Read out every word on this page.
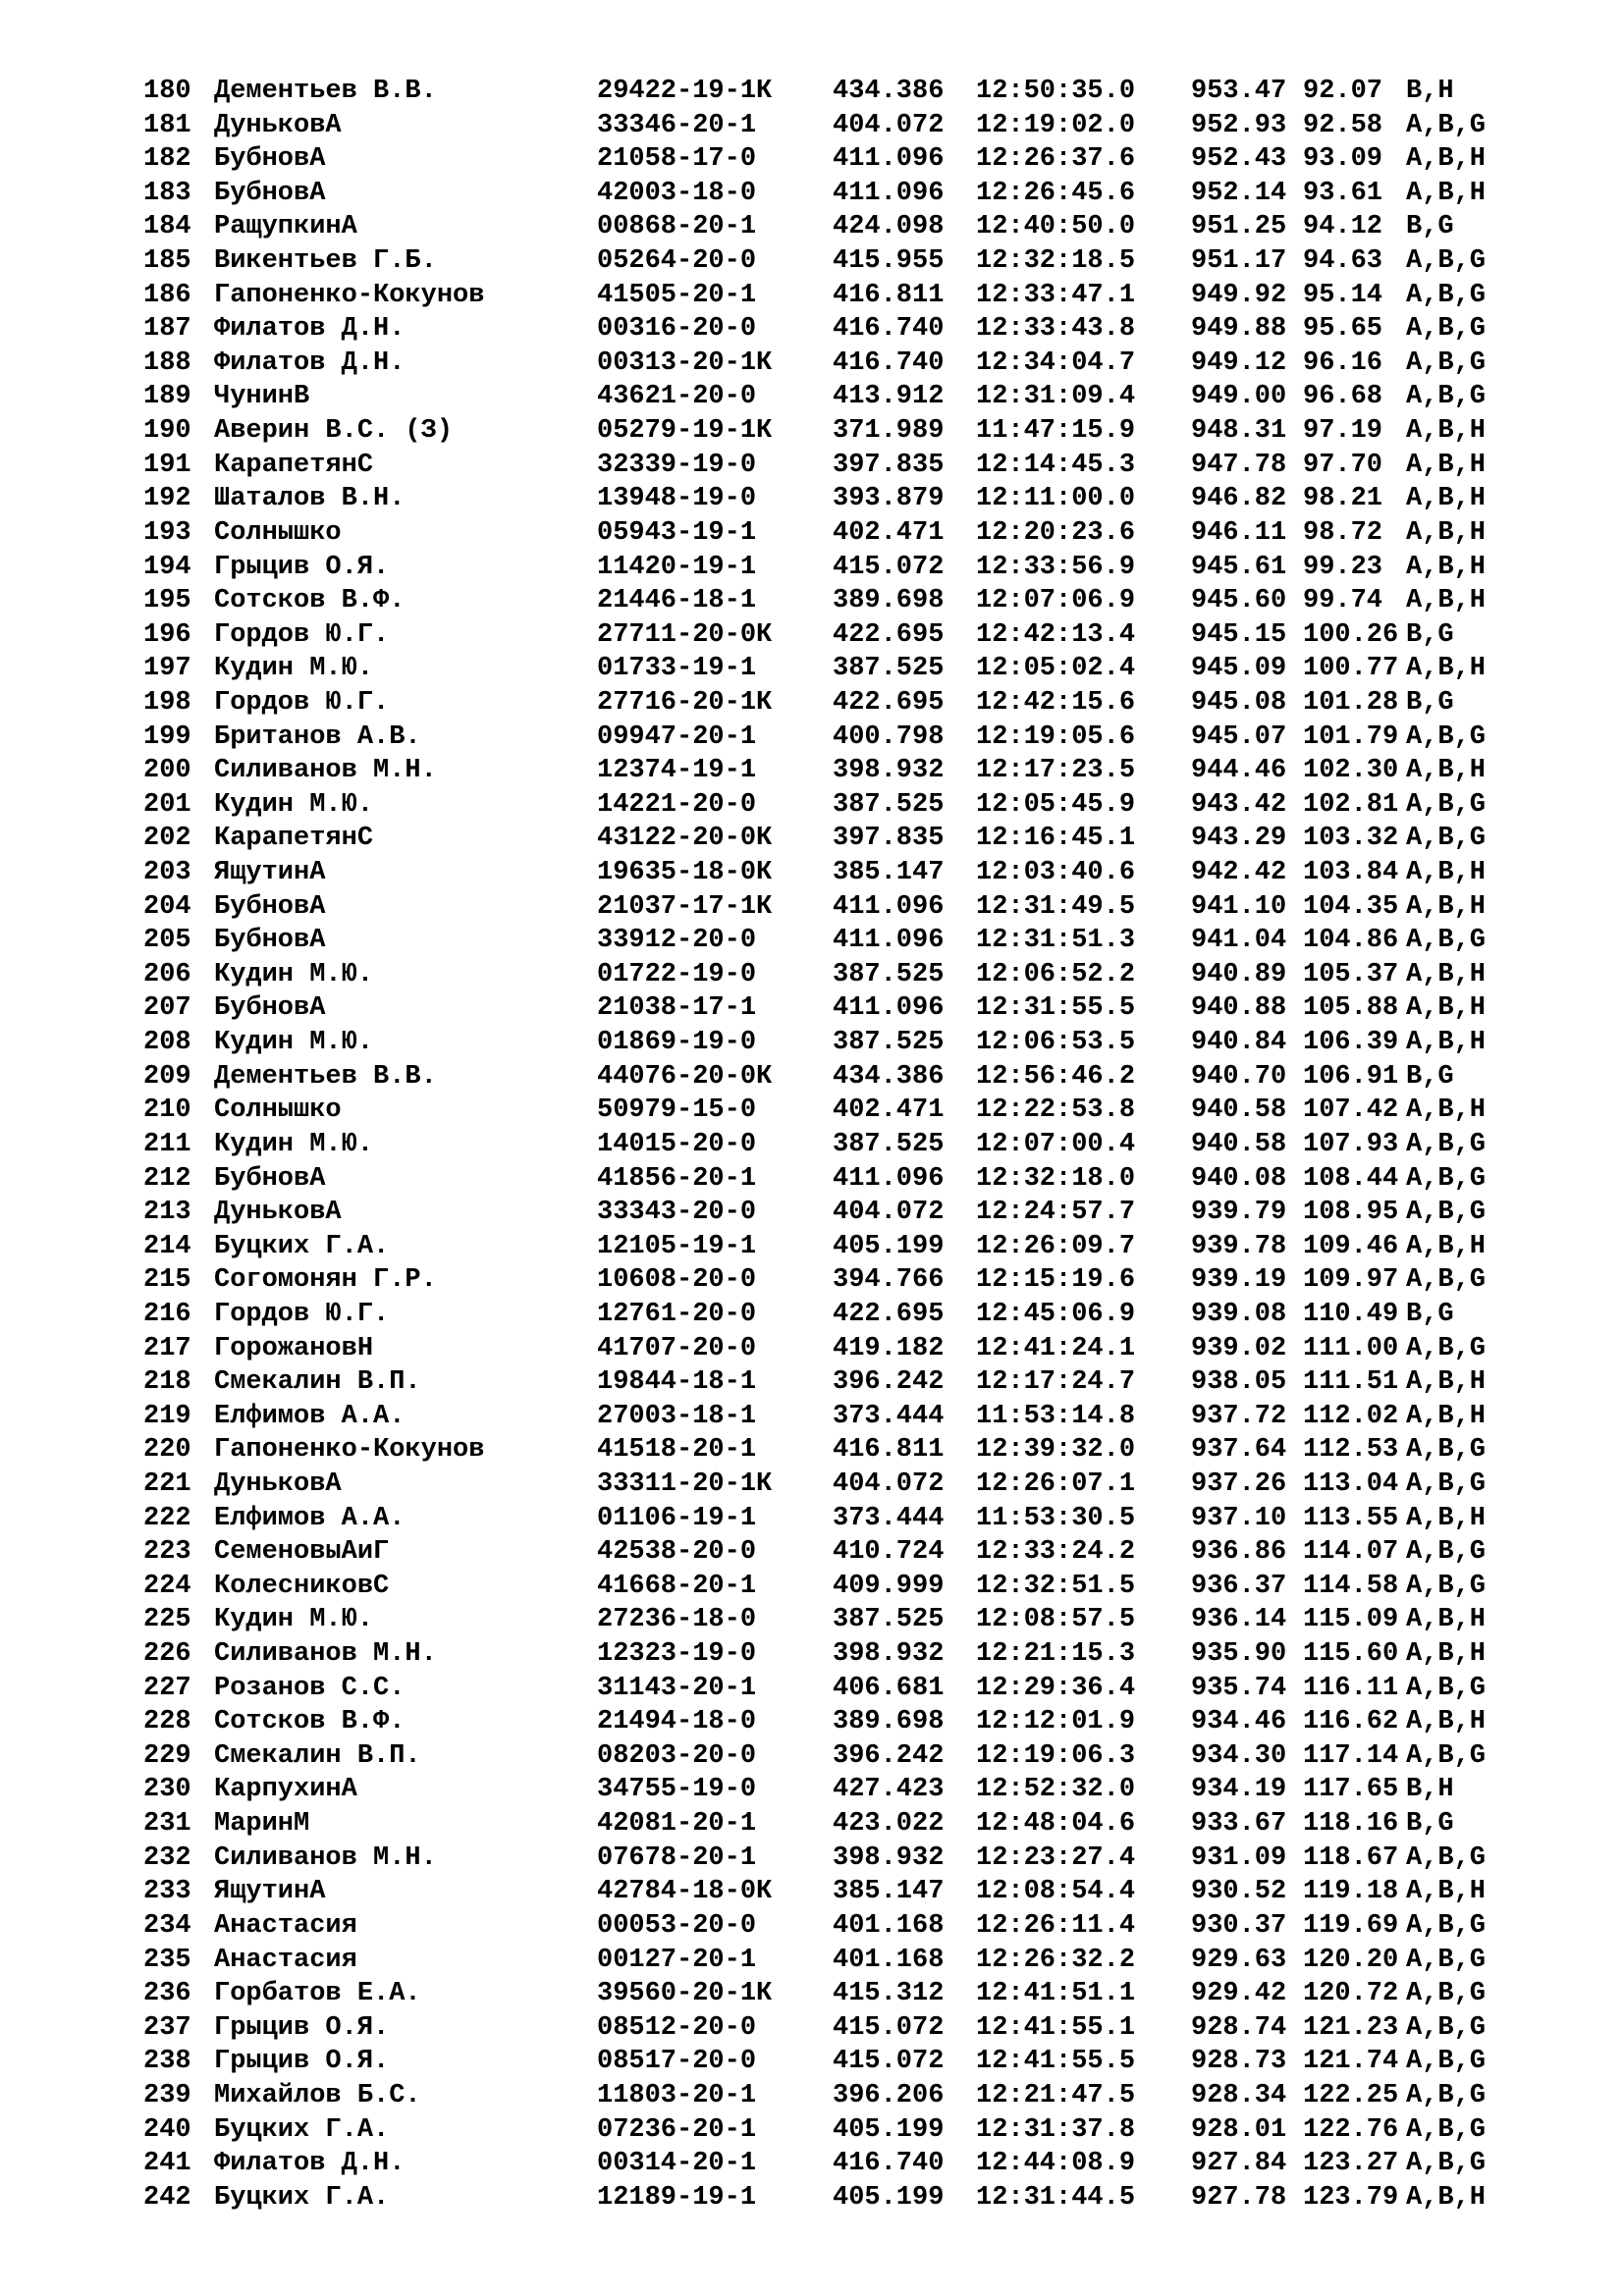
180 Дементьев В.В.	29422-19-1К 434.386 12:50:35.0 953.47 92.07 B,H
181 ДуньковА	33346-20-1	404.072 12:19:02.0 952.93 92.58 A,B,G
182 БубновА	21058-17-0	411.096 12:26:37.6 952.43 93.09 A,B,H
183 БубновА	42003-18-0	411.096 12:26:45.6 952.14 93.61 A,B,H
184 РащупкинА	00868-20-1	424.098 12:40:50.0 951.25 94.12 B,G
185 Викентьев Г.Б.	05264-20-0	415.955 12:32:18.5 951.17 94.63 A,B,G
186 Гапоненко-Кокунов	41505-20-1	416.811 12:33:47.1 949.92 95.14 A,B,G
187 Филатов Д.Н.	00316-20-0	416.740 12:33:43.8 949.88 95.65 A,B,G
188 Филатов Д.Н.	00313-20-1К 416.740 12:34:04.7 949.12 96.16 A,B,G
189 ЧунинВ	43621-20-0	413.912 12:31:09.4 949.00 96.68 A,B,G
190 Аверин В.С. (З)	05279-19-1К 371.989 11:47:15.9 948.31 97.19 A,B,H
191 КарапетянС	32339-19-0	397.835 12:14:45.3 947.78 97.70 A,B,H
192 Шаталов В.Н.	13948-19-0	393.879 12:11:00.0 946.82 98.21 A,B,H
193 Солнышко	05943-19-1	402.471 12:20:23.6 946.11 98.72 A,B,H
194 Грыцив О.Я.	11420-19-1	415.072 12:33:56.9 945.61 99.23 A,B,H
195 Сотсков В.Ф.	21446-18-1	389.698 12:07:06.9 945.60 99.74 A,B,H
196 Гордов Ю.Г.	27711-20-0К 422.695 12:42:13.4 945.15 100.26 B,G
197 Кудин М.Ю.	01733-19-1	387.525 12:05:02.4 945.09 100.77 A,B,H
198 Гордов Ю.Г.	27716-20-1К 422.695 12:42:15.6 945.08 101.28 B,G
199 Британов А.В.	09947-20-1	400.798 12:19:05.6 945.07 101.79 A,B,G
200 Силиванов М.Н.	12374-19-1	398.932 12:17:23.5 944.46 102.30 A,B,H
201 Кудин М.Ю.	14221-20-0	387.525 12:05:45.9 943.42 102.81 A,B,G
202 КарапетянС	43122-20-0К 397.835 12:16:45.1 943.29 103.32 A,B,G
203 ЯщутинА	19635-18-0К 385.147 12:03:40.6 942.42 103.84 A,B,H
204 БубновА	21037-17-1К 411.096 12:31:49.5 941.10 104.35 A,B,H
205 БубновА	33912-20-0	411.096 12:31:51.3 941.04 104.86 A,B,G
206 Кудин М.Ю.	01722-19-0	387.525 12:06:52.2 940.89 105.37 A,B,H
207 БубновА	21038-17-1	411.096 12:31:55.5 940.88 105.88 A,B,H
208 Кудин М.Ю.	01869-19-0	387.525 12:06:53.5 940.84 106.39 A,B,H
209 Дементьев В.В.	44076-20-0К 434.386 12:56:46.2 940.70 106.91 B,G
210 Солнышко	50979-15-0	402.471 12:22:53.8 940.58 107.42 A,B,H
211 Кудин М.Ю.	14015-20-0	387.525 12:07:00.4 940.58 107.93 A,B,G
212 БубновА	41856-20-1	411.096 12:32:18.0 940.08 108.44 A,B,G
213 ДуньковА	33343-20-0	404.072 12:24:57.7 939.79 108.95 A,B,G
214 Буцких Г.А.	12105-19-1	405.199 12:26:09.7 939.78 109.46 A,B,H
215 Согомонян Г.Р.	10608-20-0	394.766 12:15:19.6 939.19 109.97 A,B,G
216 Гордов Ю.Г.	12761-20-0	422.695 12:45:06.9 939.08 110.49 B,G
217 ГорожановН	41707-20-0	419.182 12:41:24.1 939.02 111.00 A,B,G
218 Смекалин В.П.	19844-18-1	396.242 12:17:24.7 938.05 111.51 A,B,H
219 Елфимов А.А.	27003-18-1	373.444 11:53:14.8 937.72 112.02 A,B,H
220 Гапоненко-Кокунов	41518-20-1	416.811 12:39:32.0 937.64 112.53 A,B,G
221 ДуньковА	33311-20-1К 404.072 12:26:07.1 937.26 113.04 A,B,G
222 Елфимов А.А.	01106-19-1	373.444 11:53:30.5 937.10 113.55 A,B,H
223 СеменовыАиГ	42538-20-0	410.724 12:33:24.2 936.86 114.07 A,B,G
224 КолесниковС	41668-20-1	409.999 12:32:51.5 936.37 114.58 A,B,G
225 Кудин М.Ю.	27236-18-0	387.525 12:08:57.5 936.14 115.09 A,B,H
226 Силиванов М.Н.	12323-19-0	398.932 12:21:15.3 935.90 115.60 A,B,H
227 Розанов С.С.	31143-20-1	406.681 12:29:36.4 935.74 116.11 A,B,G
228 Сотсков В.Ф.	21494-18-0	389.698 12:12:01.9 934.46 116.62 A,B,H
229 Смекалин В.П.	08203-20-0	396.242 12:19:06.3 934.30 117.14 A,B,G
230 КарпухинА	34755-19-0	427.423 12:52:32.0 934.19 117.65 B,H
231 МаринМ	42081-20-1	423.022 12:48:04.6 933.67 118.16 B,G
232 Силиванов М.Н.	07678-20-1	398.932 12:23:27.4 931.09 118.67 A,B,G
233 ЯщутинА	42784-18-0К 385.147 12:08:54.4 930.52 119.18 A,B,H
234 Анастасия	00053-20-0	401.168 12:26:11.4 930.37 119.69 A,B,G
235 Анастасия	00127-20-1	401.168 12:26:32.2 929.63 120.20 A,B,G
236 Горбатов Е.А.	39560-20-1К 415.312 12:41:51.1 929.42 120.72 A,B,G
237 Грыцив О.Я.	08512-20-0	415.072 12:41:55.1 928.74 121.23 A,B,G
238 Грыцив О.Я.	08517-20-0	415.072 12:41:55.5 928.73 121.74 A,B,G
239 Михайлов Б.С.	11803-20-1	396.206 12:21:47.5 928.34 122.25 A,B,G
240 Буцких Г.А.	07236-20-1	405.199 12:31:37.8 928.01 122.76 A,B,G
241 Филатов Д.Н.	00314-20-1	416.740 12:44:08.9 927.84 123.27 A,B,G
242 Буцких Г.А.	12189-19-1	405.199 12:31:44.5 927.78 123.79 A,B,H
